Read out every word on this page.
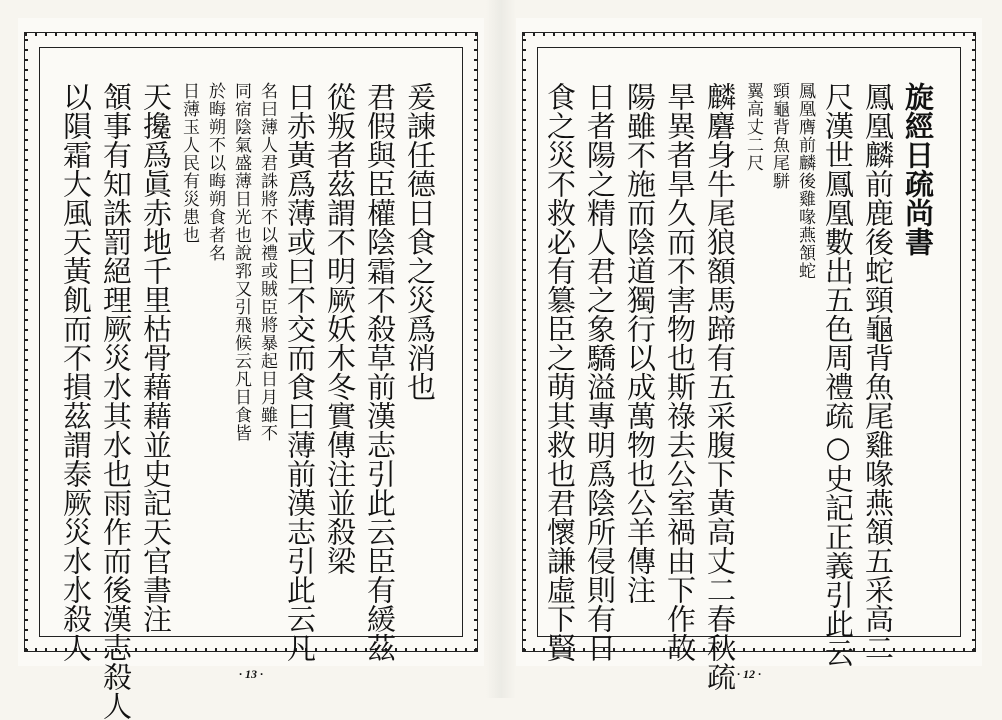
爰諫任德日食之災爲消也
君假與臣權陰霜不殺草前漢志引此云臣有緩茲
從叛者茲謂不明厥妖木冬實傳注並殺梁
日赤黃爲薄或曰不交而食曰薄前漢志引此云凡
名曰薄人君誅將不以禮或賊臣將暴起日月雖不
同宿陰氣盛薄日光也說郛又引飛候云凡日食皆
於晦朔不以晦朔食者名
日薄玉人民有災患也
天攙爲眞赤地千里枯骨藉藉並史記天官書注
頷事有知誅罰絕理厥災水其水也雨作而後漢志殺人
以隕霜大風天黃飢而不損茲謂泰厥災水水殺人
· 13 ·
旋經日疏尚書
鳳凰麟前鹿後蛇頸龜背魚尾雞喙燕頷五采高二
尺漢世鳳凰數出五色周禮疏○史記正義引此云
鳳凰膺前麟後雞喙燕頷蛇
頸龜背魚尾駢
翼高丈二尺
麟麏身牛尾狼額馬蹄有五采腹下黃高丈二春秋疏
旱異者旱久而不害物也斯祿去公室禍由下作故
陽雖不施而陰道獨行以成萬物也公羊傳注
日者陽之精人君之象驕溢專明爲陰所侵則有日
食之災不救必有簒臣之萌其救也君懷謙虛下賢
· 12 ·
